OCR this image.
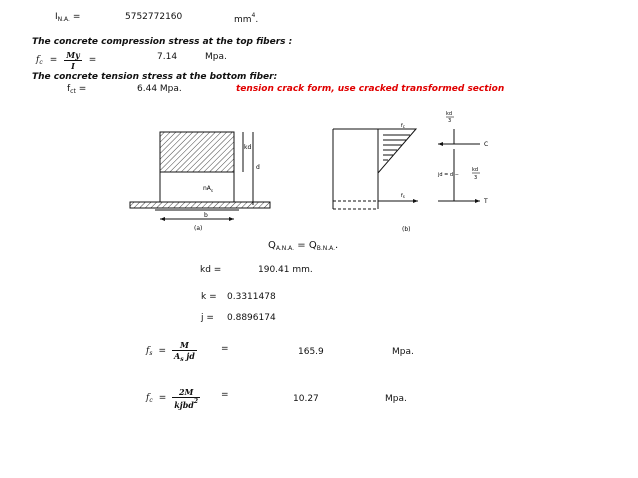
$I_{N.A.}$ =	5752772160	$mm^4$.
The concrete compression stress at the top fibers :
$f_c = \frac{My}{I}$ =	7.14	Mpa.
The concrete tension stress at the bottom fiber:
$f_{ct}$ =	6.44 Mpa.	tension crack form, use cracked transformed section
kd
d
$nA_s$
b
(a)
$f_c$
$f_s$
kd
3
C
T
jd = d −
kd
3
(b)
$Q_{A.N.A.} = Q_{B.N.A.}$.
kd =	190.41 mm.
k = 0.3311478
j = 0.8896174
$f_s = \frac{M}{A_s jd}$	=	165.9	Mpa.
$f_c = \frac{2M}{kjbd^2}$ =	10.27	Mpa.
